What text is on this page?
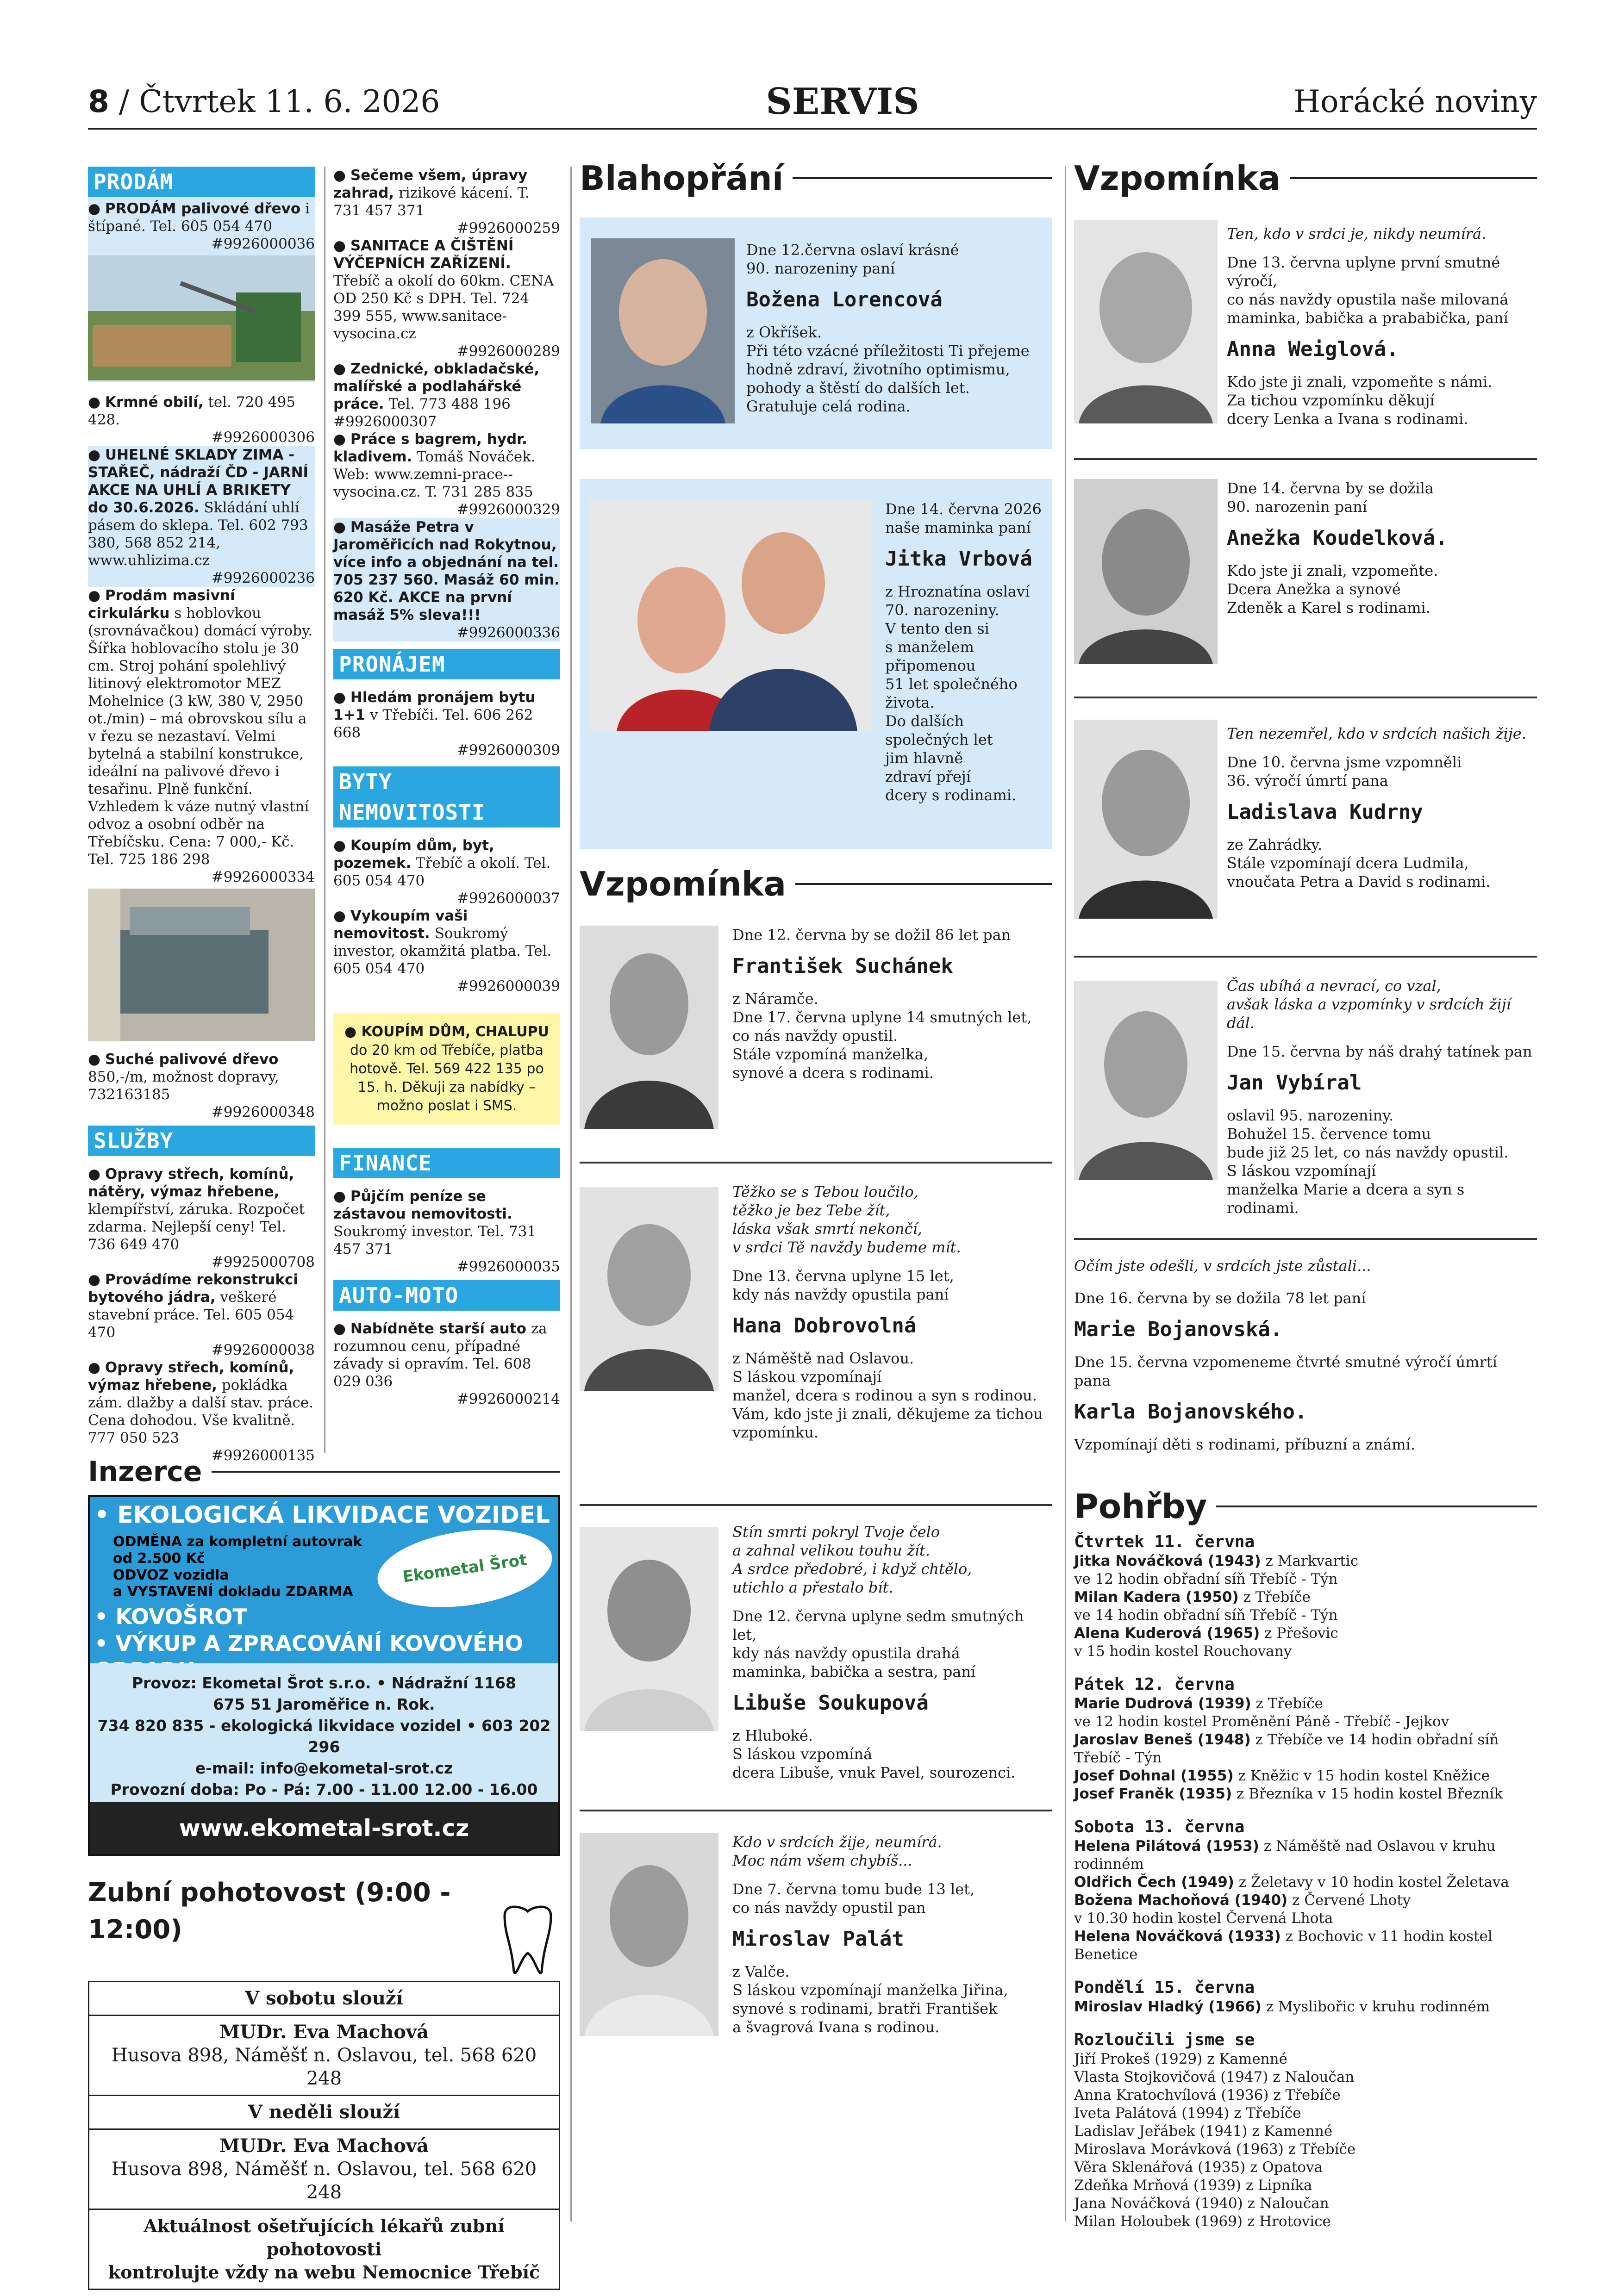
8 / Čtvrtek 11. 6. 2026	SERVIS	Horácké noviny
PRODÁM

● PRODÁM palivové dřevo i štípané. Tel. 605 054 470

#9926000036

● Krmné obilí, tel. 720 495 428.

#9926000306

● UHELNÉ SKLADY ZIMA - STAŘEČ, nádraží ČD - JARNÍ AKCE NA UHLÍ A BRIKETY do 30.6.2026. Skládání uhlí pásem do sklepa. Tel. 602 793 380, 568 852 214, www.uhlizima.cz

#9926000236

● Prodám masivní cirkulárku s hoblovkou (srovnávačkou) domácí výroby. Šířka hoblovacího stolu je 30 cm. Stroj pohání spolehlivý litinový elektromotor MEZ Mohelnice (3 kW, 380 V, 2950 ot./min) – má obrovskou sílu a v řezu se nezastaví. Velmi bytelná a stabilní konstrukce, ideální na palivové dřevo i tesařinu. Plně funkční. Vzhledem k váze nutný vlastní odvoz a osobní odběr na Třebíčsku. Cena: 7 000,- Kč. Tel. 725 186 298

#9926000334

● Suché palivové dřevo

850,-/m, možnost dopravy, 732163185

#9926000348

SLUŽBY

● Opravy střech, komínů, nátěry, výmaz hřebene, klempířství, záruka. Rozpočet zdarma. Nejlepší ceny! Tel. 736 649 470

#9925000708

● Provádíme rekonstrukci bytového jádra, veškeré stavební práce. Tel. 605 054 470

#9926000038

● Opravy střech, komínů, výmaz hřebene, pokládka zám. dlažby a další stav. práce. Cena dohodou. Vše kvalitně. 777 050 523

#9926000135

● Sečeme všem, úpravy zahrad, rizikové kácení. T. 731 457 371

#9926000259

● SANITACE A ČIŠTĚNÍ VÝČEPNÍCH ZAŘÍZENÍ. Třebíč a okolí do 60km. CENA OD 250 Kč s DPH. Tel. 724 399 555, www.sanitace-vysocina.cz

#9926000289

● Zednické, obkladačské, malířské a podlahářské práce. Tel. 773 488 196 #9926000307

● Práce s bagrem, hydr. kladivem. Tomáš Nováček. Web: www.zemni-prace--vysocina.cz. T. 731 285 835

#9926000329

● Masáže Petra v Jaroměřicích nad Rokytnou, více info a objednání na tel. 705 237 560. Masáž 60 min. 620 Kč. AKCE na první masáž 5% sleva!!!

#9926000336

PRONÁJEM

● Hledám pronájem bytu 1+1 v Třebíči. Tel. 606 262 668

#9926000309

BYTY
NEMOVITOSTI

● Koupím dům, byt, pozemek. Třebíč a okolí. Tel. 605 054 470

#9926000037

● Vykoupím vaši nemovitost. Soukromý investor, okamžitá platba. Tel. 605 054 470

#9926000039

● KOUPÍM DŮM, CHALUPU
do 20 km od Třebíče, platba hotově. Tel. 569 422 135 po 15. h. Děkuji za nabídky – možno poslat i SMS.
FINANCE

● Půjčím peníze se zástavou nemovitosti. Soukromý investor. Tel. 731 457 371

#9926000035

AUTO-MOTO

● Nabídněte starší auto za rozumnou cenu, případné závady si opravím. Tel. 608 029 036

#9926000214

Inzerce
• EKOLOGICKÁ LIKVIDACE VOZIDEL
ODMĚNA za kompletní autovrak
od 2.500 Kč
ODVOZ vozidla
a VYSTAVENÍ dokladu ZDARMA
Ekometal Šrot
• KOVOŠROT
• VÝKUP A ZPRACOVÁNÍ KOVOVÉHO
Provoz: Ekometal Šrot s.r.o. • Nádražní 1168
675 51 Jaroměřice n. Rok.
734 820 835 - ekologická likvidace vozidel • 603 202 296
e-mail: info@ekometal-srot.cz
Provozní doba: Po - Pá: 7.00 - 11.00 12.00 - 16.00
www.ekometal-srot.cz
Zubní pohotovost (9:00 - 12:00)
V sobotu slouží
MUDr. Eva Machová
Husova 898, Náměšť n. Oslavou, tel. 568 620 248
V neděli slouží
MUDr. Eva Machová
Husova 898, Náměšť n. Oslavou, tel. 568 620 248
Aktuálnost ošetřujících lékařů zubní pohotovosti
kontrolujte vždy na webu Nemocnice Třebíč
Blahopřání
Dne 12.června oslaví krásné
90. narozeniny paní
Božena Lorencová
z Okříšek.
Při této vzácné příležitosti Ti přejeme
hodně zdraví, životního optimismu,
pohody a štěstí do dalších let.
Gratuluje celá rodina.
Dne 14. června 2026
naše maminka paní
Jitka Vrbová
z Hroznatína oslaví
70. narozeniny.
V tento den si
s manželem
připomenou
51 let společného
života.
Do dalších
společných let
jim hlavně
zdraví přejí
dcery s rodinami.
Vzpomínka
Dne 12. června by se dožil 86 let pan
František Suchánek
z Náramče.
Dne 17. června uplyne 14 smutných let,
co nás navždy opustil.
Stále vzpomíná manželka,
synové a dcera s rodinami.
Těžko se s Tebou loučilo,
těžko je bez Tebe žít,
láska však smrtí nekončí,
v srdci Tě navždy budeme mít.
Dne 13. června uplyne 15 let,
kdy nás navždy opustila paní
Hana Dobrovolná
z Náměště nad Oslavou.
S láskou vzpomínají
manžel, dcera s rodinou a syn s rodinou.
Vám, kdo jste ji znali, děkujeme za tichou
vzpomínku.
Stín smrti pokryl Tvoje čelo
a zahnal velikou touhu žít.
A srdce předobré, i když chtělo,
utichlo a přestalo bít.
Dne 12. června uplyne sedm smutných let,
kdy nás navždy opustila drahá
maminka, babička a sestra, paní
Libuše Soukupová
z Hluboké.
S láskou vzpomíná
dcera Libuše, vnuk Pavel, sourozenci.
Kdo v srdcích žije, neumírá.
Moc nám všem chybíš...
Dne 7. června tomu bude 13 let,
co nás navždy opustil pan
Miroslav Palát
z Valče.
S láskou vzpomínají manželka Jiřina,
synové s rodinami, bratři František
a švagrová Ivana s rodinou.
Vzpomínka
Ten, kdo v srdci je, nikdy neumírá.
Dne 13. června uplyne první smutné výročí,
co nás navždy opustila naše milovaná
maminka, babička a prababička, paní
Anna Weiglová.
Kdo jste ji znali, vzpomeňte s námi.
Za tichou vzpomínku děkují
dcery Lenka a Ivana s rodinami.
Dne 14. června by se dožila
90. narozenin paní
Anežka Koudelková.
Kdo jste ji znali, vzpomeňte.
Dcera Anežka a synové
Zdeněk a Karel s rodinami.
Ten nezemřel, kdo v srdcích našich žije.
Dne 10. června jsme vzpomněli
36. výročí úmrtí pana
Ladislava Kudrny
ze Zahrádky.
Stále vzpomínají dcera Ludmila,
vnoučata Petra a David s rodinami.
Čas ubíhá a nevrací, co vzal,
avšak láska a vzpomínky v srdcích žijí dál.
Dne 15. června by náš drahý tatínek pan
Jan Vybíral
oslavil 95. narozeniny.
Bohužel 15. července tomu
bude již 25 let, co nás navždy opustil.
S láskou vzpomínají
manželka Marie a dcera a syn s rodinami.
Očím jste odešli, v srdcích jste zůstali...
Dne 16. června by se dožila 78 let paní
Marie Bojanovská.
Dne 15. června vzpomeneme čtvrté smutné výročí úmrtí pana
Karla Bojanovského.
Vzpomínají děti s rodinami, příbuzní a známí.
Pohřby
Čtvrtek 11. června
Jitka Nováčková (1943) z Markvartic
ve 12 hodin obřadní síň Třebíč - Týn
Milan Kadera (1950) z Třebíče
ve 14 hodin obřadní síň Třebíč - Týn
Alena Kuderová (1965) z Přešovic
v 15 hodin kostel Rouchovany
Pátek 12. června
Marie Dudrová (1939) z Třebíče
ve 12 hodin kostel Proměnění Páně - Třebíč - Jejkov
Jaroslav Beneš (1948) z Třebíče ve 14 hodin obřadní síň Třebíč - Týn
Josef Dohnal (1955) z Kněžic v 15 hodin kostel Kněžice
Josef Franěk (1935) z Březníka v 15 hodin kostel Březník
Sobota 13. června
Helena Pilátová (1953) z Náměště nad Oslavou v kruhu rodinném
Oldřich Čech (1949) z Želetavy v 10 hodin kostel Želetava
Božena Machoňová (1940) z Červené Lhoty
v 10.30 hodin kostel Červená Lhota
Helena Nováčková (1933) z Bochovic v 11 hodin kostel Benetice
Pondělí 15. června
Miroslav Hladký (1966) z Myslibořic v kruhu rodinném
Rozloučili jsme se
Jiří Prokeš (1929) z Kamenné
Vlasta Stojkovičová (1947) z Naloučan
Anna Kratochvílová (1936) z Třebíče
Iveta Palátová (1994) z Třebíče
Ladislav Jeřábek (1941) z Kamenné
Miroslava Morávková (1963) z Třebíče
Věra Sklenářová (1935) z Opatova
Zdeňka Mrňová (1939) z Lipníka
Jana Nováčková (1940) z Naloučan
Milan Holoubek (1969) z Hrotovice
